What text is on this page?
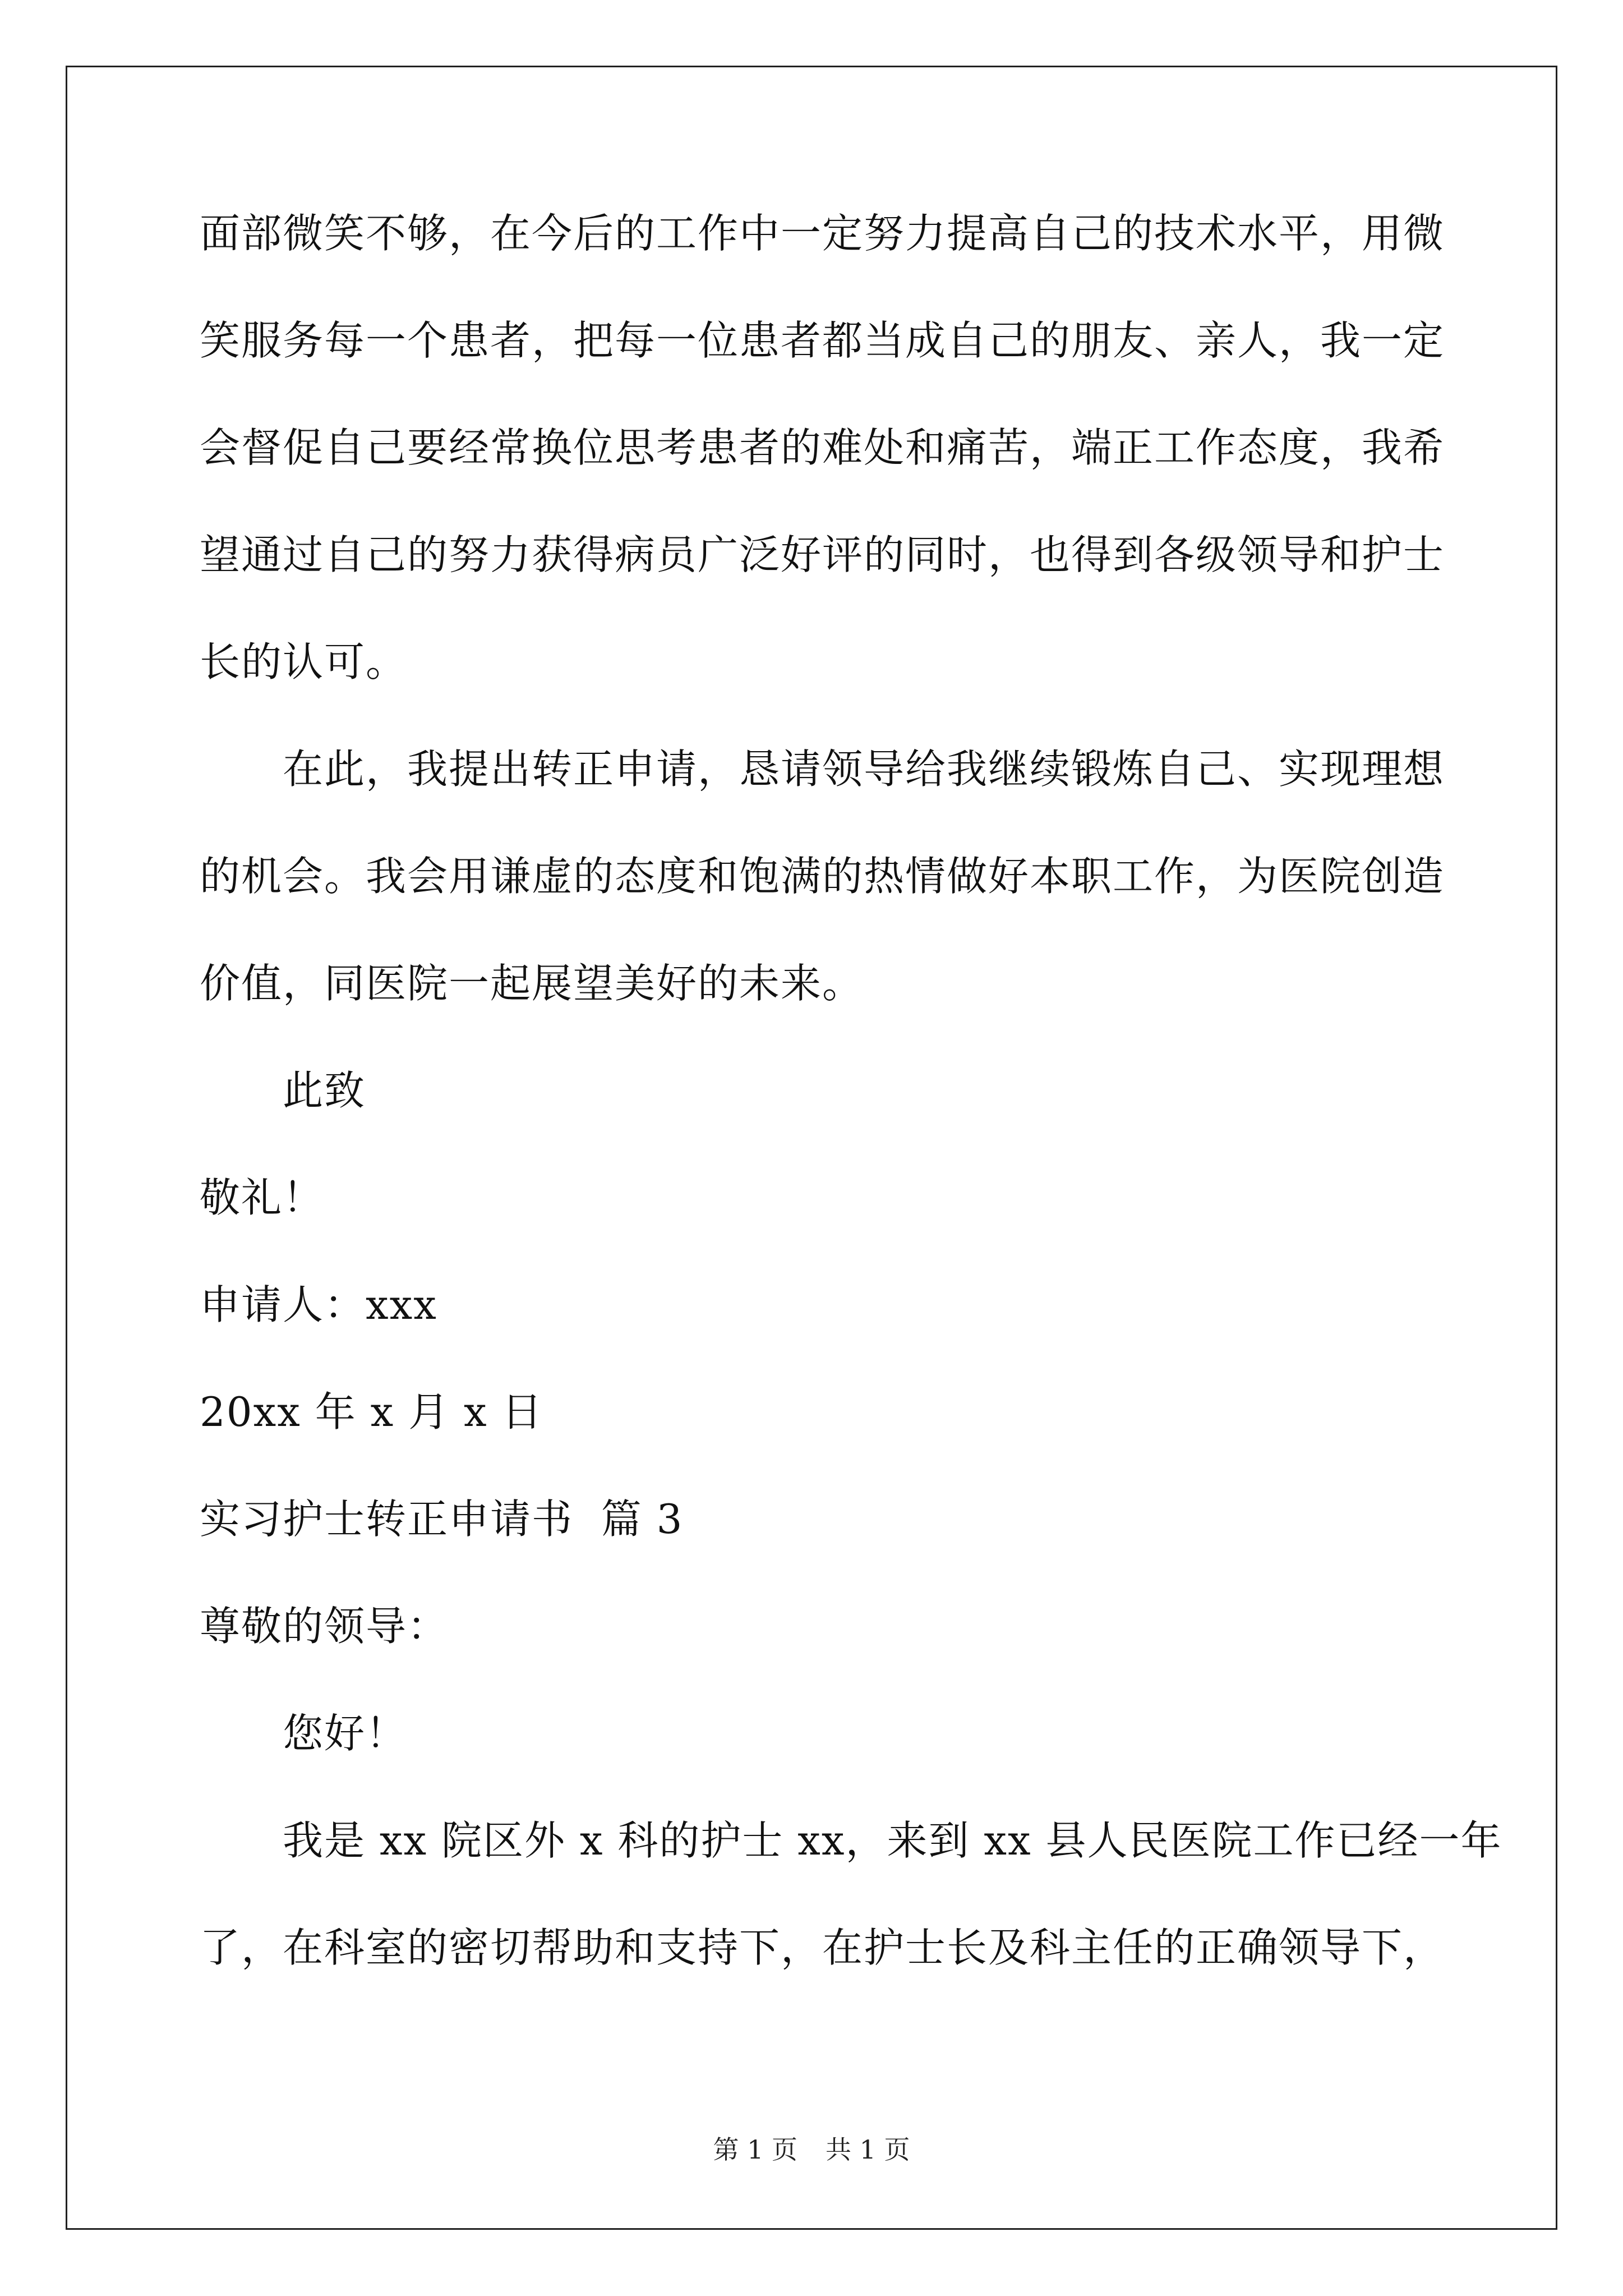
面部微笑不够，在今后的工作中一定努力提高自己的技术水平，用微
笑服务每一个患者，把每一位患者都当成自己的朋友、亲人，我一定
会督促自己要经常换位思考患者的难处和痛苦，端正工作态度，我希
望通过自己的努力获得病员广泛好评的同时，也得到各级领导和护士
长的认可。
在此，我提出转正申请，恳请领导给我继续锻炼自己、实现理想
的机会。我会用谦虚的态度和饱满的热情做好本职工作，为医院创造
价值，同医院一起展望美好的未来。
此致
敬礼！
申请人：xxx
20xx 年 x 月 x 日
实习护士转正申请书  篇 3
尊敬的领导：
您好！
我是 xx 院区外 x 科的护士 xx，来到 xx 县人民医院工作已经一年
了，在科室的密切帮助和支持下，在护士长及科主任的正确领导下，
第 1 页 共 1 页
